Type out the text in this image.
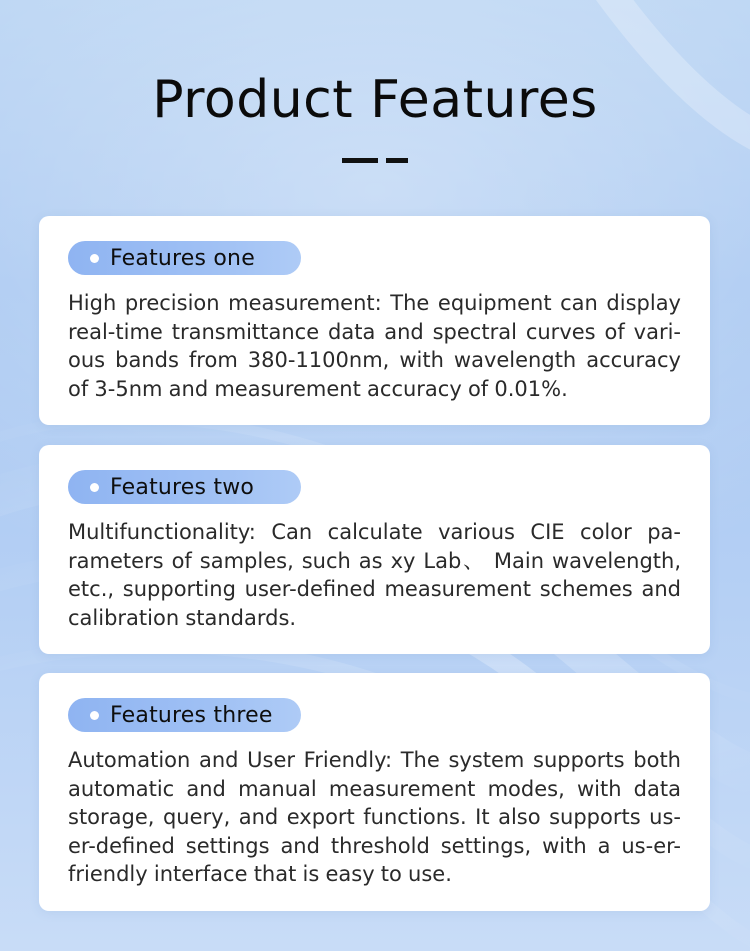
Product Features
Features one

High precision measurement: The equipment can display real-time transmittance data and spectral curves of vari-ous bands from 380-1100nm, with wavelength accuracy of 3-5nm and measurement accuracy of 0.01%.

Features two

Multifunctionality: Can calculate various CIE color pa-rameters of samples, such as xy Lab、 Main wavelength, etc., supporting user-defined measurement schemes and calibration standards.

Features three

Automation and User Friendly: The system supports both automatic and manual measurement modes, with data storage, query, and export functions. It also supports us-er-defined settings and threshold settings, with a us-er-friendly interface that is easy to use.
